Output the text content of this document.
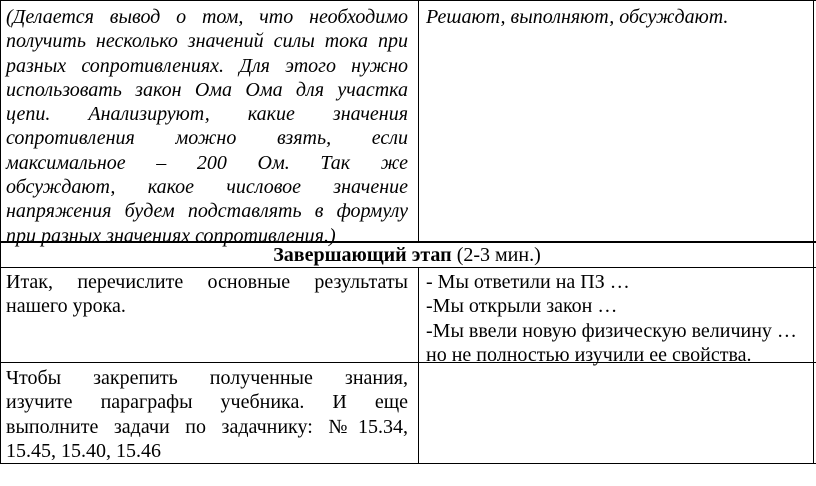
(Делается вывод о том, что необходимо
получить несколько значений силы тока при
разных сопротивлениях. Для этого нужно
использовать закон Ома Ома для участка
цепи. Анализируют, какие значения
сопротивления можно взять, если
максимальное – 200 Ом. Так же
обсуждают, какое числовое значение
напряжения будем подставлять в формулу
при разных значениях сопротивления.)
Решают, выполняют, обсуждают.
Завершающий этап (2-3 мин.)
Итак, перечислите основные результаты
нашего урока.
- Мы ответили на ПЗ …
-Мы открыли закон …
-Мы ввели новую физическую величину …
но не полностью изучили ее свойства.
Чтобы закрепить полученные знания,
изучите параграфы учебника. И еще
выполните задачи по задачнику: №15.34,
15.45, 15.40, 15.46
